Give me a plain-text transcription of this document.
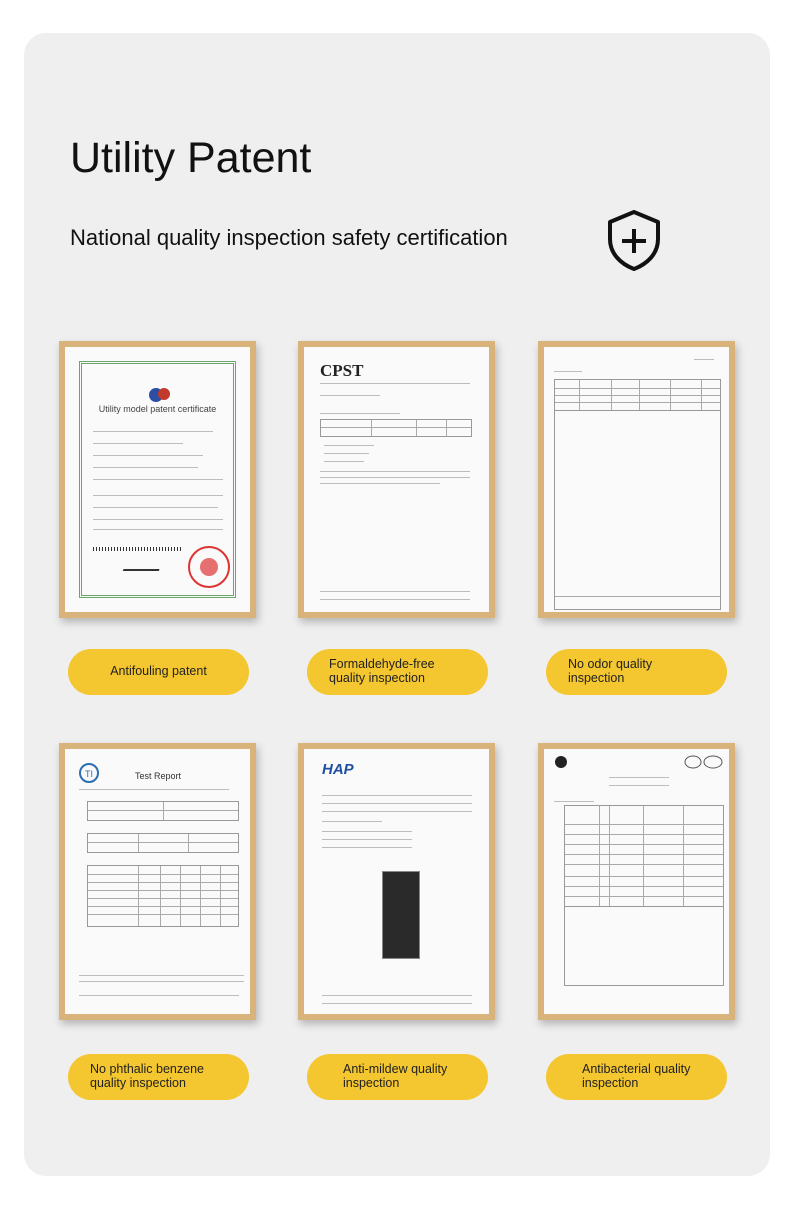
Utility Patent
National quality inspection safety certification
Utility model patent certificate
CPST
TI	Test Report	HAP
Antifouling patent	Formaldehyde-free quality inspection
No odor quality inspection
No phthalic benzene quality inspection
Anti-mildew quality inspection
Antibacterial quality inspection
